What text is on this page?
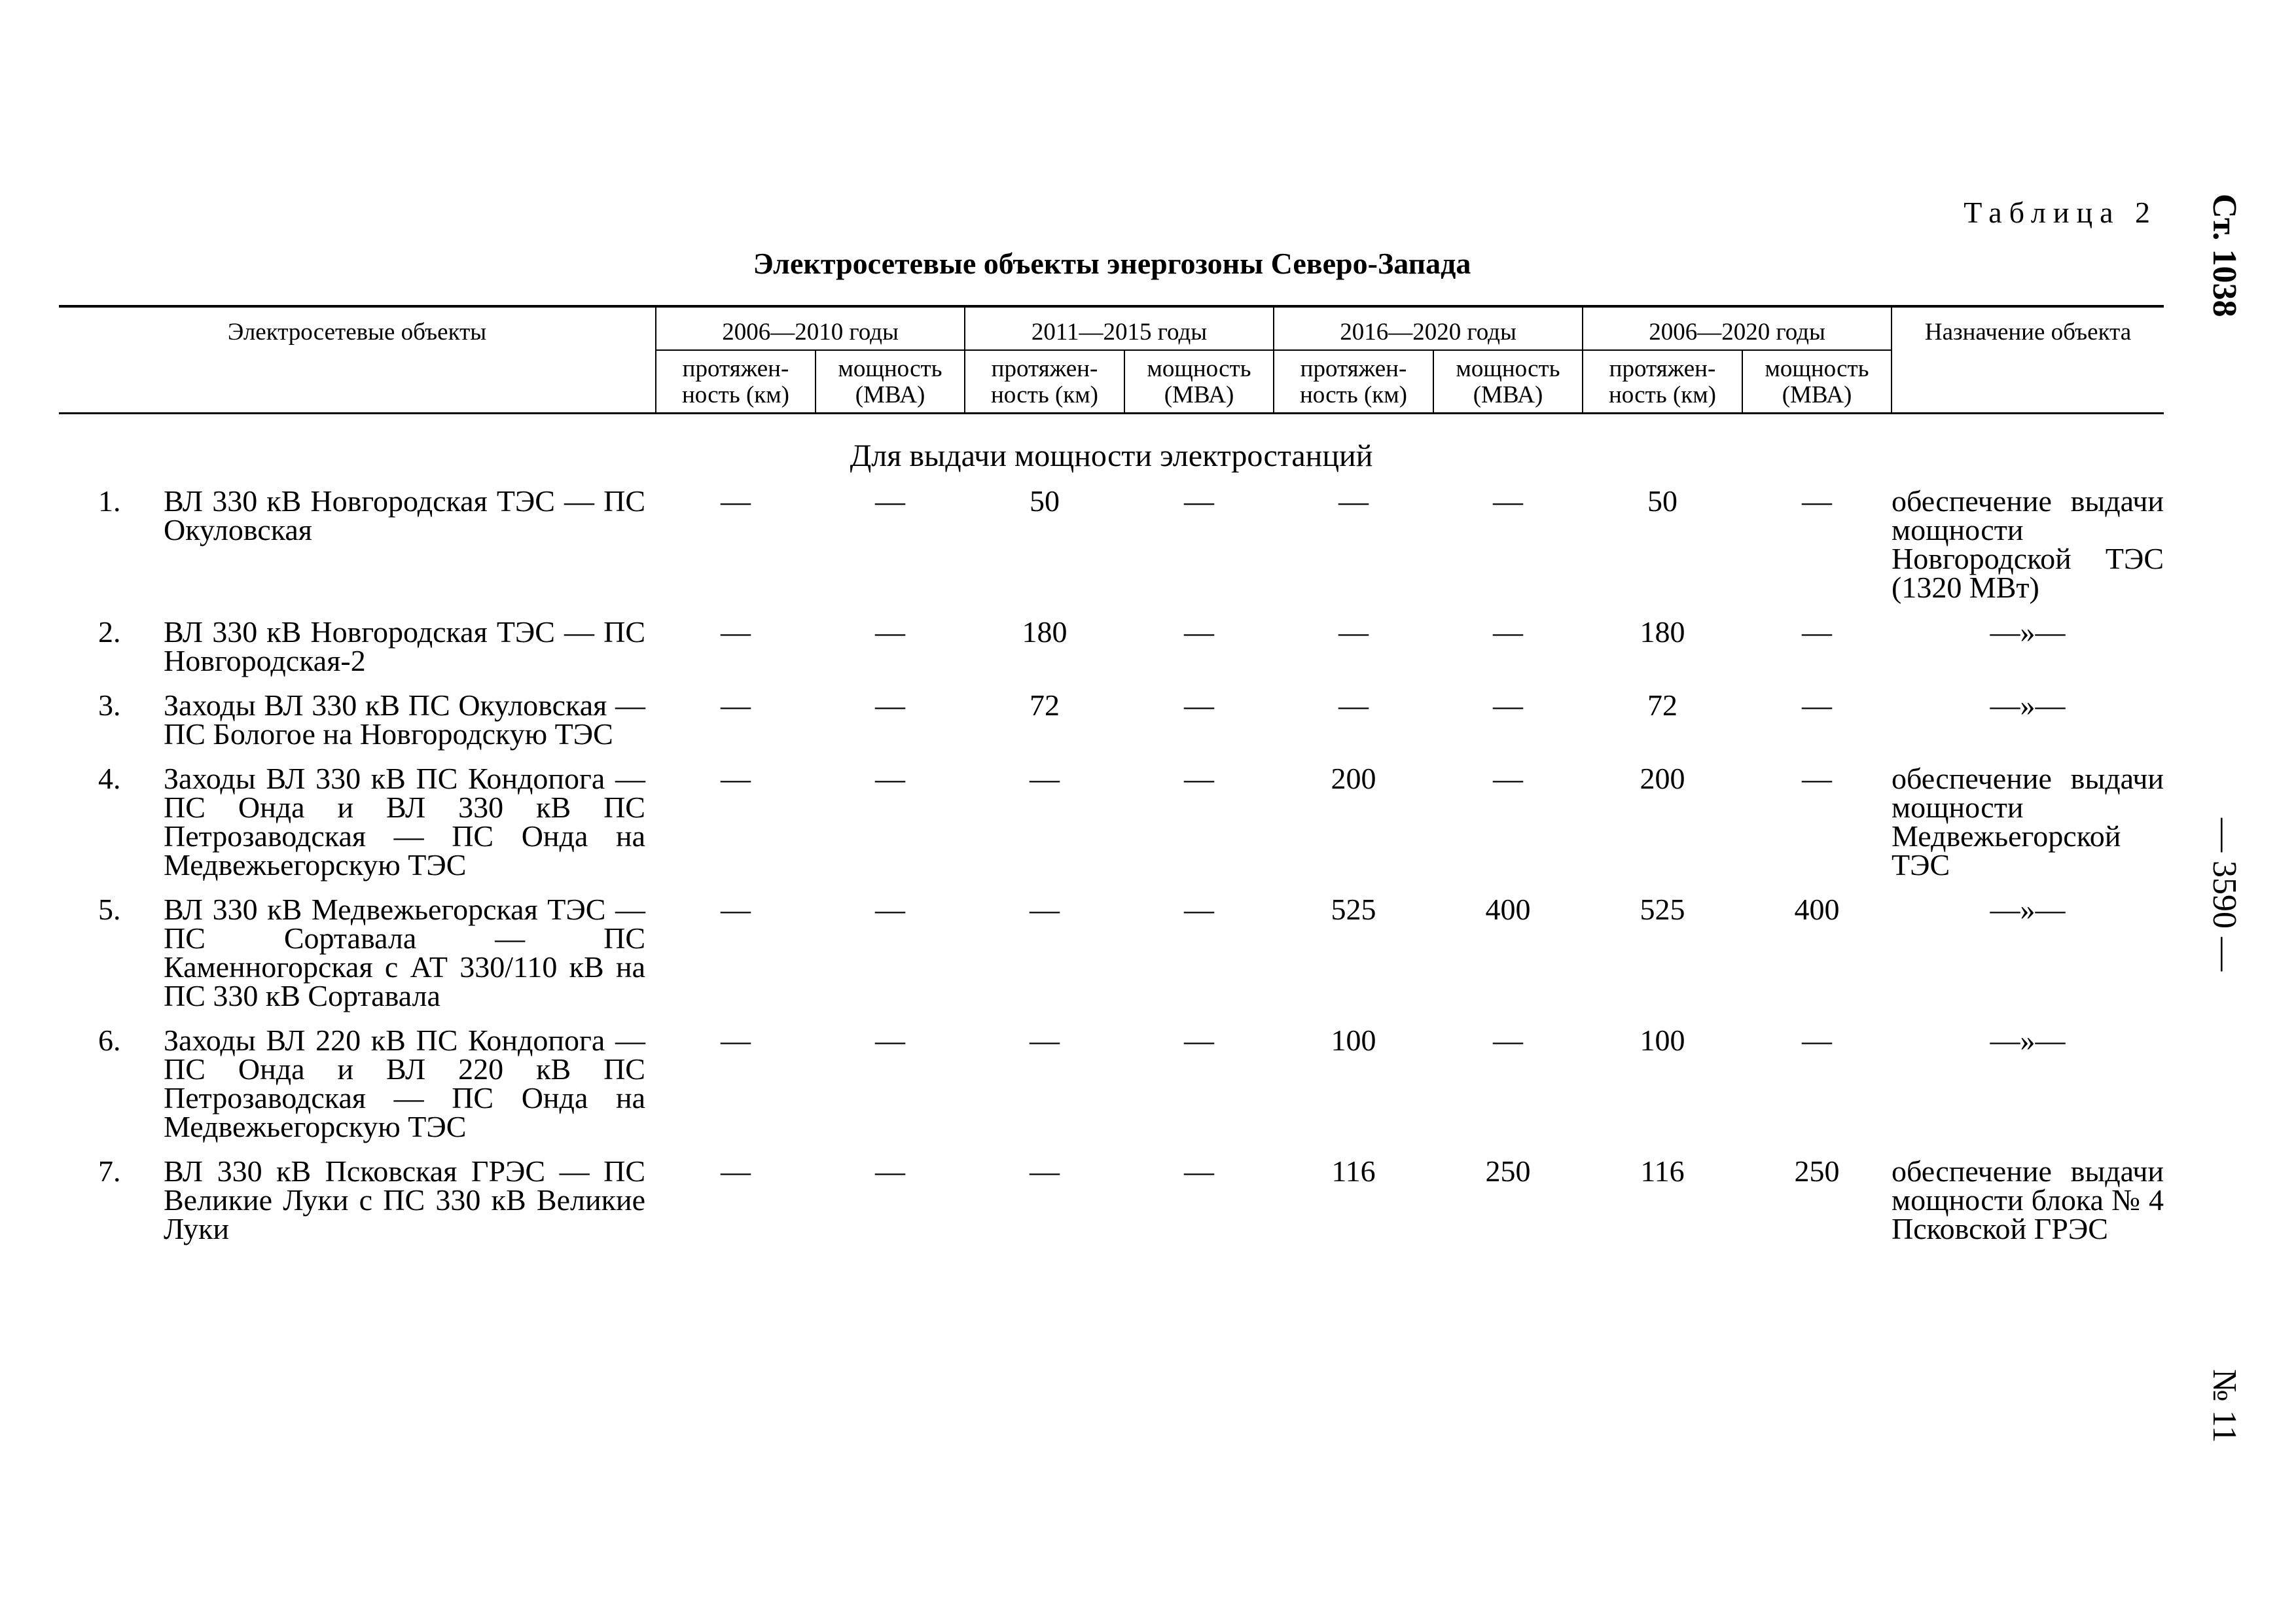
Таблица 2
Электросетевые объекты энергозоны Северо-Запада	Ст. 1038
— 3590 —
№ 11
Электросетевые объекты	2006—2010 годы		2011—2015 годы		2016—2020 годы		2006—2020 годы		Назначение объекта
	протяжен-ность (км)	мощность (МВА)	протяжен-ность (км)	мощность (МВА)	протяжен-ность (км)	мощность (МВА)	протяжен-ность (км)	мощность (МВА)	
Для выдачи мощности электростанций									

1. ВЛ 330 кВ Новгородская ТЭС — ПС Окуловская	—	—	50	—	—	—	50	—	обеспечение выдачи мощности Новгородской ТЭС (1320 МВт)

2. ВЛ 330 кВ Новгородская ТЭС — ПС Новгородская-2	—	—	180	—	—	—	180	—	—»—

3. Заходы ВЛ 330 кВ ПС Окуловская — ПС Бологое на Новгородскую ТЭС	—	—	72	—	—	—	72	—	—»—

4. Заходы ВЛ 330 кВ ПС Кондопога — ПС Онда и ВЛ 330 кВ ПС Петрозаводская — ПС Онда на Медвежьегорскую ТЭС	—	—	—	—	200	—	200	—	обеспечение выдачи мощности Медвежьегорской ТЭС

5. ВЛ 330 кВ Медвежьегорская ТЭС — ПС Сортавала — ПС Каменногорская с АТ 330/110 кВ на ПС 330 кВ Сортавала	—	—	—	—	525	400	525	400	—»—

6. Заходы ВЛ 220 кВ ПС Кондопога — ПС Онда и ВЛ 220 кВ ПС Петрозаводская — ПС Онда на Медвежьегорскую ТЭС	—	—	—	—	100	—	100	—	—»—

7. ВЛ 330 кВ Псковская ГРЭС — ПС Великие Луки с ПС 330 кВ Великие Луки	—	—	—	—	116	250	116	250	обеспечение выдачи мощности блока № 4 Псковской ГРЭС
